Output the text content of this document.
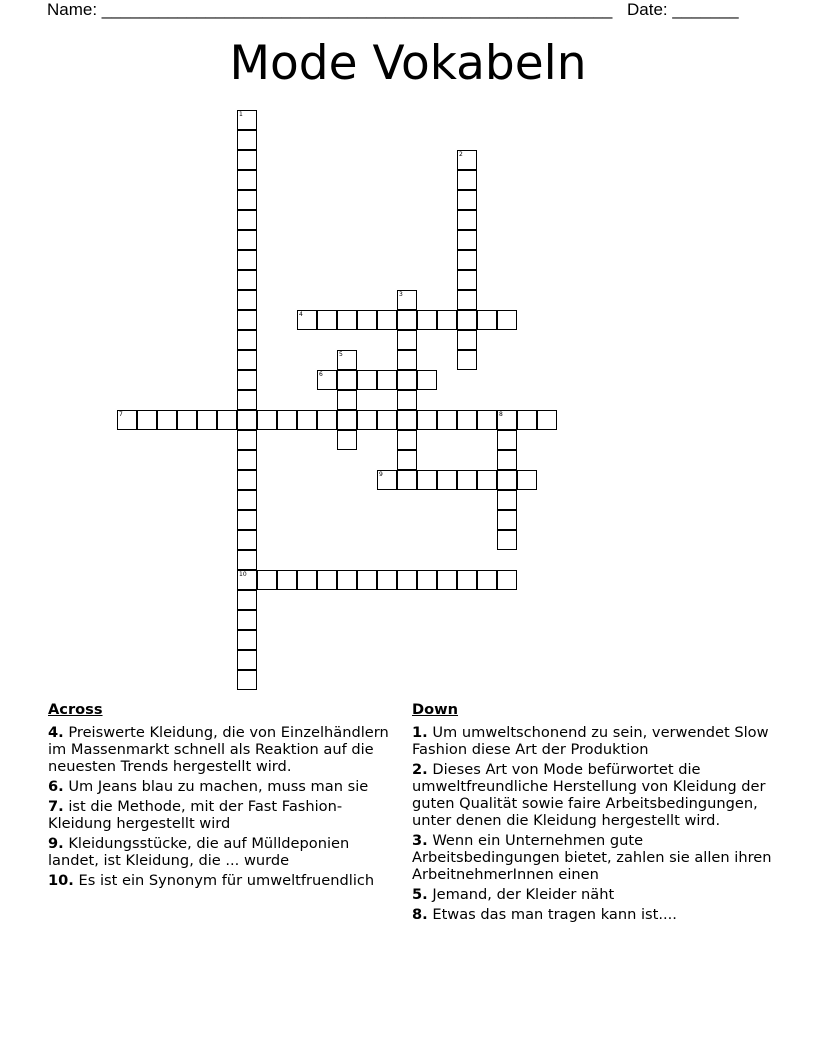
Name: ______________________________________________________ Date: _______
Mode Vokabeln
1
10
2
3
4
5
6
7	8
9
Across
4. Preiswerte Kleidung, die von Einzelhändlern im Massenmarkt schnell als Reaktion auf die neuesten Trends hergestellt wird.
6. Um Jeans blau zu machen, muss man sie
7. ist die Methode, mit der Fast Fashion-Kleidung hergestellt wird
9. Kleidungsstücke, die auf Mülldeponien landet, ist Kleidung, die ... wurde
10. Es ist ein Synonym für umweltfruendlich
Down
1. Um umweltschonend zu sein, verwendet Slow Fashion diese Art der Produktion
2. Dieses Art von Mode befürwortet die umweltfreundliche Herstellung von Kleidung der guten Qualität sowie faire Arbeitsbedingungen, unter denen die Kleidung hergestellt wird.
3. Wenn ein Unternehmen gute Arbeitsbedingungen bietet, zahlen sie allen ihren ArbeitnehmerInnen einen
5. Jemand, der Kleider näht
8. Etwas das man tragen kann ist....
